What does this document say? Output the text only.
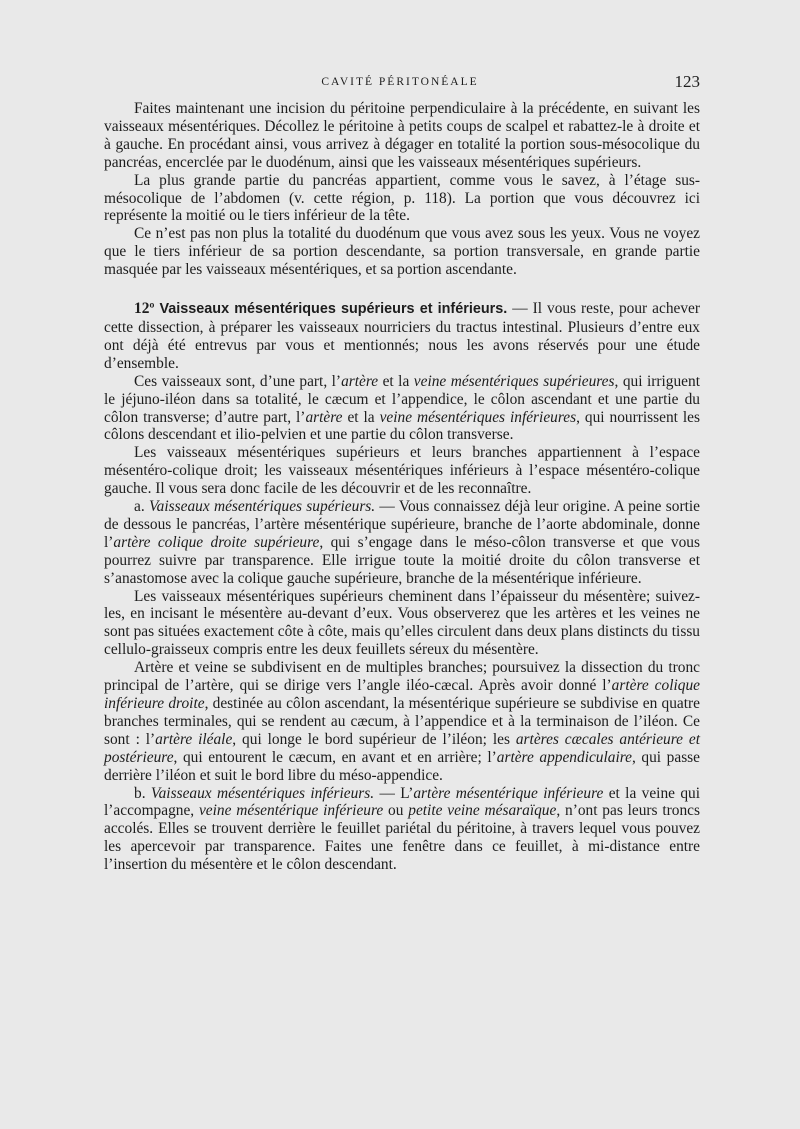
CAVITÉ PÉRITONÉALE	123

Faites maintenant une incision du péritoine perpendiculaire à la précédente, en suivant les vaisseaux mésentériques. Décollez le péritoine à petits coups de scalpel et rabattez-le à droite et à gauche. En procédant ainsi, vous arrivez à dégager en totalité la portion sous-mésocolique du pancréas, encerclée par le duodénum, ainsi que les vaisseaux mésentériques supérieurs.

La plus grande partie du pancréas appartient, comme vous le savez, à l’étage sus-mésocolique de l’abdomen (v. cette région, p. 118). La portion que vous découvrez ici représente la moitié ou le tiers inférieur de la tête.

Ce n’est pas non plus la totalité du duodénum que vous avez sous les yeux. Vous ne voyez que le tiers inférieur de sa portion descendante, sa portion transversale, en grande partie masquée par les vaisseaux mésentériques, et sa portion ascendante.

12º Vaisseaux mésentériques supérieurs et inférieurs. — Il vous reste, pour achever cette dissection, à préparer les vaisseaux nourriciers du tractus intestinal. Plusieurs d’entre eux ont déjà été entrevus par vous et mentionnés; nous les avons réservés pour une étude d’ensemble.

Ces vaisseaux sont, d’une part, l’artère et la veine mésentériques supérieures, qui irriguent le jéjuno-iléon dans sa totalité, le cæcum et l’appendice, le côlon ascendant et une partie du côlon transverse; d’autre part, l’artère et la veine mésentériques inférieures, qui nourrissent les côlons descendant et ilio-pelvien et une partie du côlon transverse.

Les vaisseaux mésentériques supérieurs et leurs branches appartiennent à l’espace mésentéro-colique droit; les vaisseaux mésentériques inférieurs à l’espace mésentéro-colique gauche. Il vous sera donc facile de les découvrir et de les reconnaître.

a. Vaisseaux mésentériques supérieurs. — Vous connaissez déjà leur origine. A peine sortie de dessous le pancréas, l’artère mésentérique supérieure, branche de l’aorte abdominale, donne l’artère colique droite supérieure, qui s’engage dans le méso-côlon transverse et que vous pourrez suivre par transparence. Elle irrigue toute la moitié droite du côlon transverse et s’anastomose avec la colique gauche supérieure, branche de la mésentérique inférieure.

Les vaisseaux mésentériques supérieurs cheminent dans l’épaisseur du mésentère; suivez-les, en incisant le mésentère au-devant d’eux. Vous observerez que les artères et les veines ne sont pas situées exactement côte à côte, mais qu’elles circulent dans deux plans distincts du tissu cellulo-graisseux compris entre les deux feuillets séreux du mésentère.

Artère et veine se subdivisent en de multiples branches; poursuivez la dissection du tronc principal de l’artère, qui se dirige vers l’angle iléo-cæcal. Après avoir donné l’artère colique inférieure droite, destinée au côlon ascendant, la mésentérique supérieure se subdivise en quatre branches terminales, qui se rendent au cæcum, à l’appendice et à la terminaison de l’iléon. Ce sont : l’artère iléale, qui longe le bord supérieur de l’iléon; les artères cæcales antérieure et postérieure, qui entourent le cæcum, en avant et en arrière; l’artère appendiculaire, qui passe derrière l’iléon et suit le bord libre du méso-appendice.

b. Vaisseaux mésentériques inférieurs. — L’artère mésentérique inférieure et la veine qui l’accompagne, veine mésentérique inférieure ou petite veine mésaraïque, n’ont pas leurs troncs accolés. Elles se trouvent derrière le feuillet pariétal du péritoine, à travers lequel vous pouvez les apercevoir par transparence. Faites une fenêtre dans ce feuillet, à mi-distance entre l’insertion du mésentère et le côlon descendant.
